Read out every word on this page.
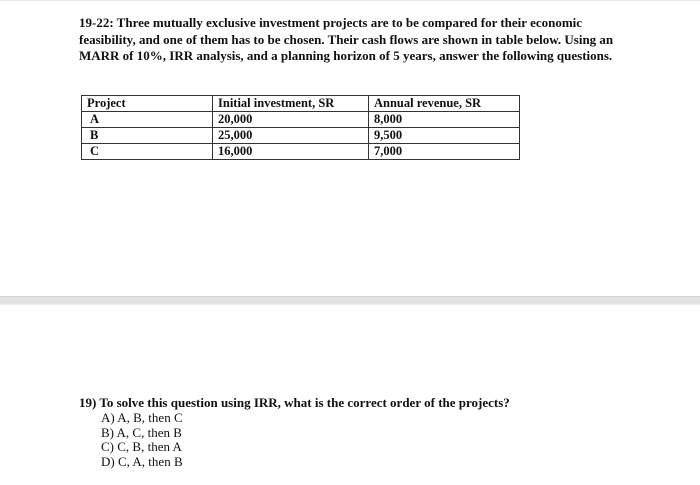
19-22: Three mutually exclusive investment projects are to be compared for their economic feasibility, and one of them has to be chosen. Their cash flows are shown in table below. Using an MARR of 10%, IRR analysis, and a planning horizon of 5 years, answer the following questions.
Project	Initial investment, SR	Annual revenue, SR
A	20,000	8,000
B	25,000	9,500
C	16,000	7,000
19) To solve this question using IRR, what is the correct order of the projects?
A) A, B, then C
B) A, C, then B
C) C, B, then A
D) C, A, then B
